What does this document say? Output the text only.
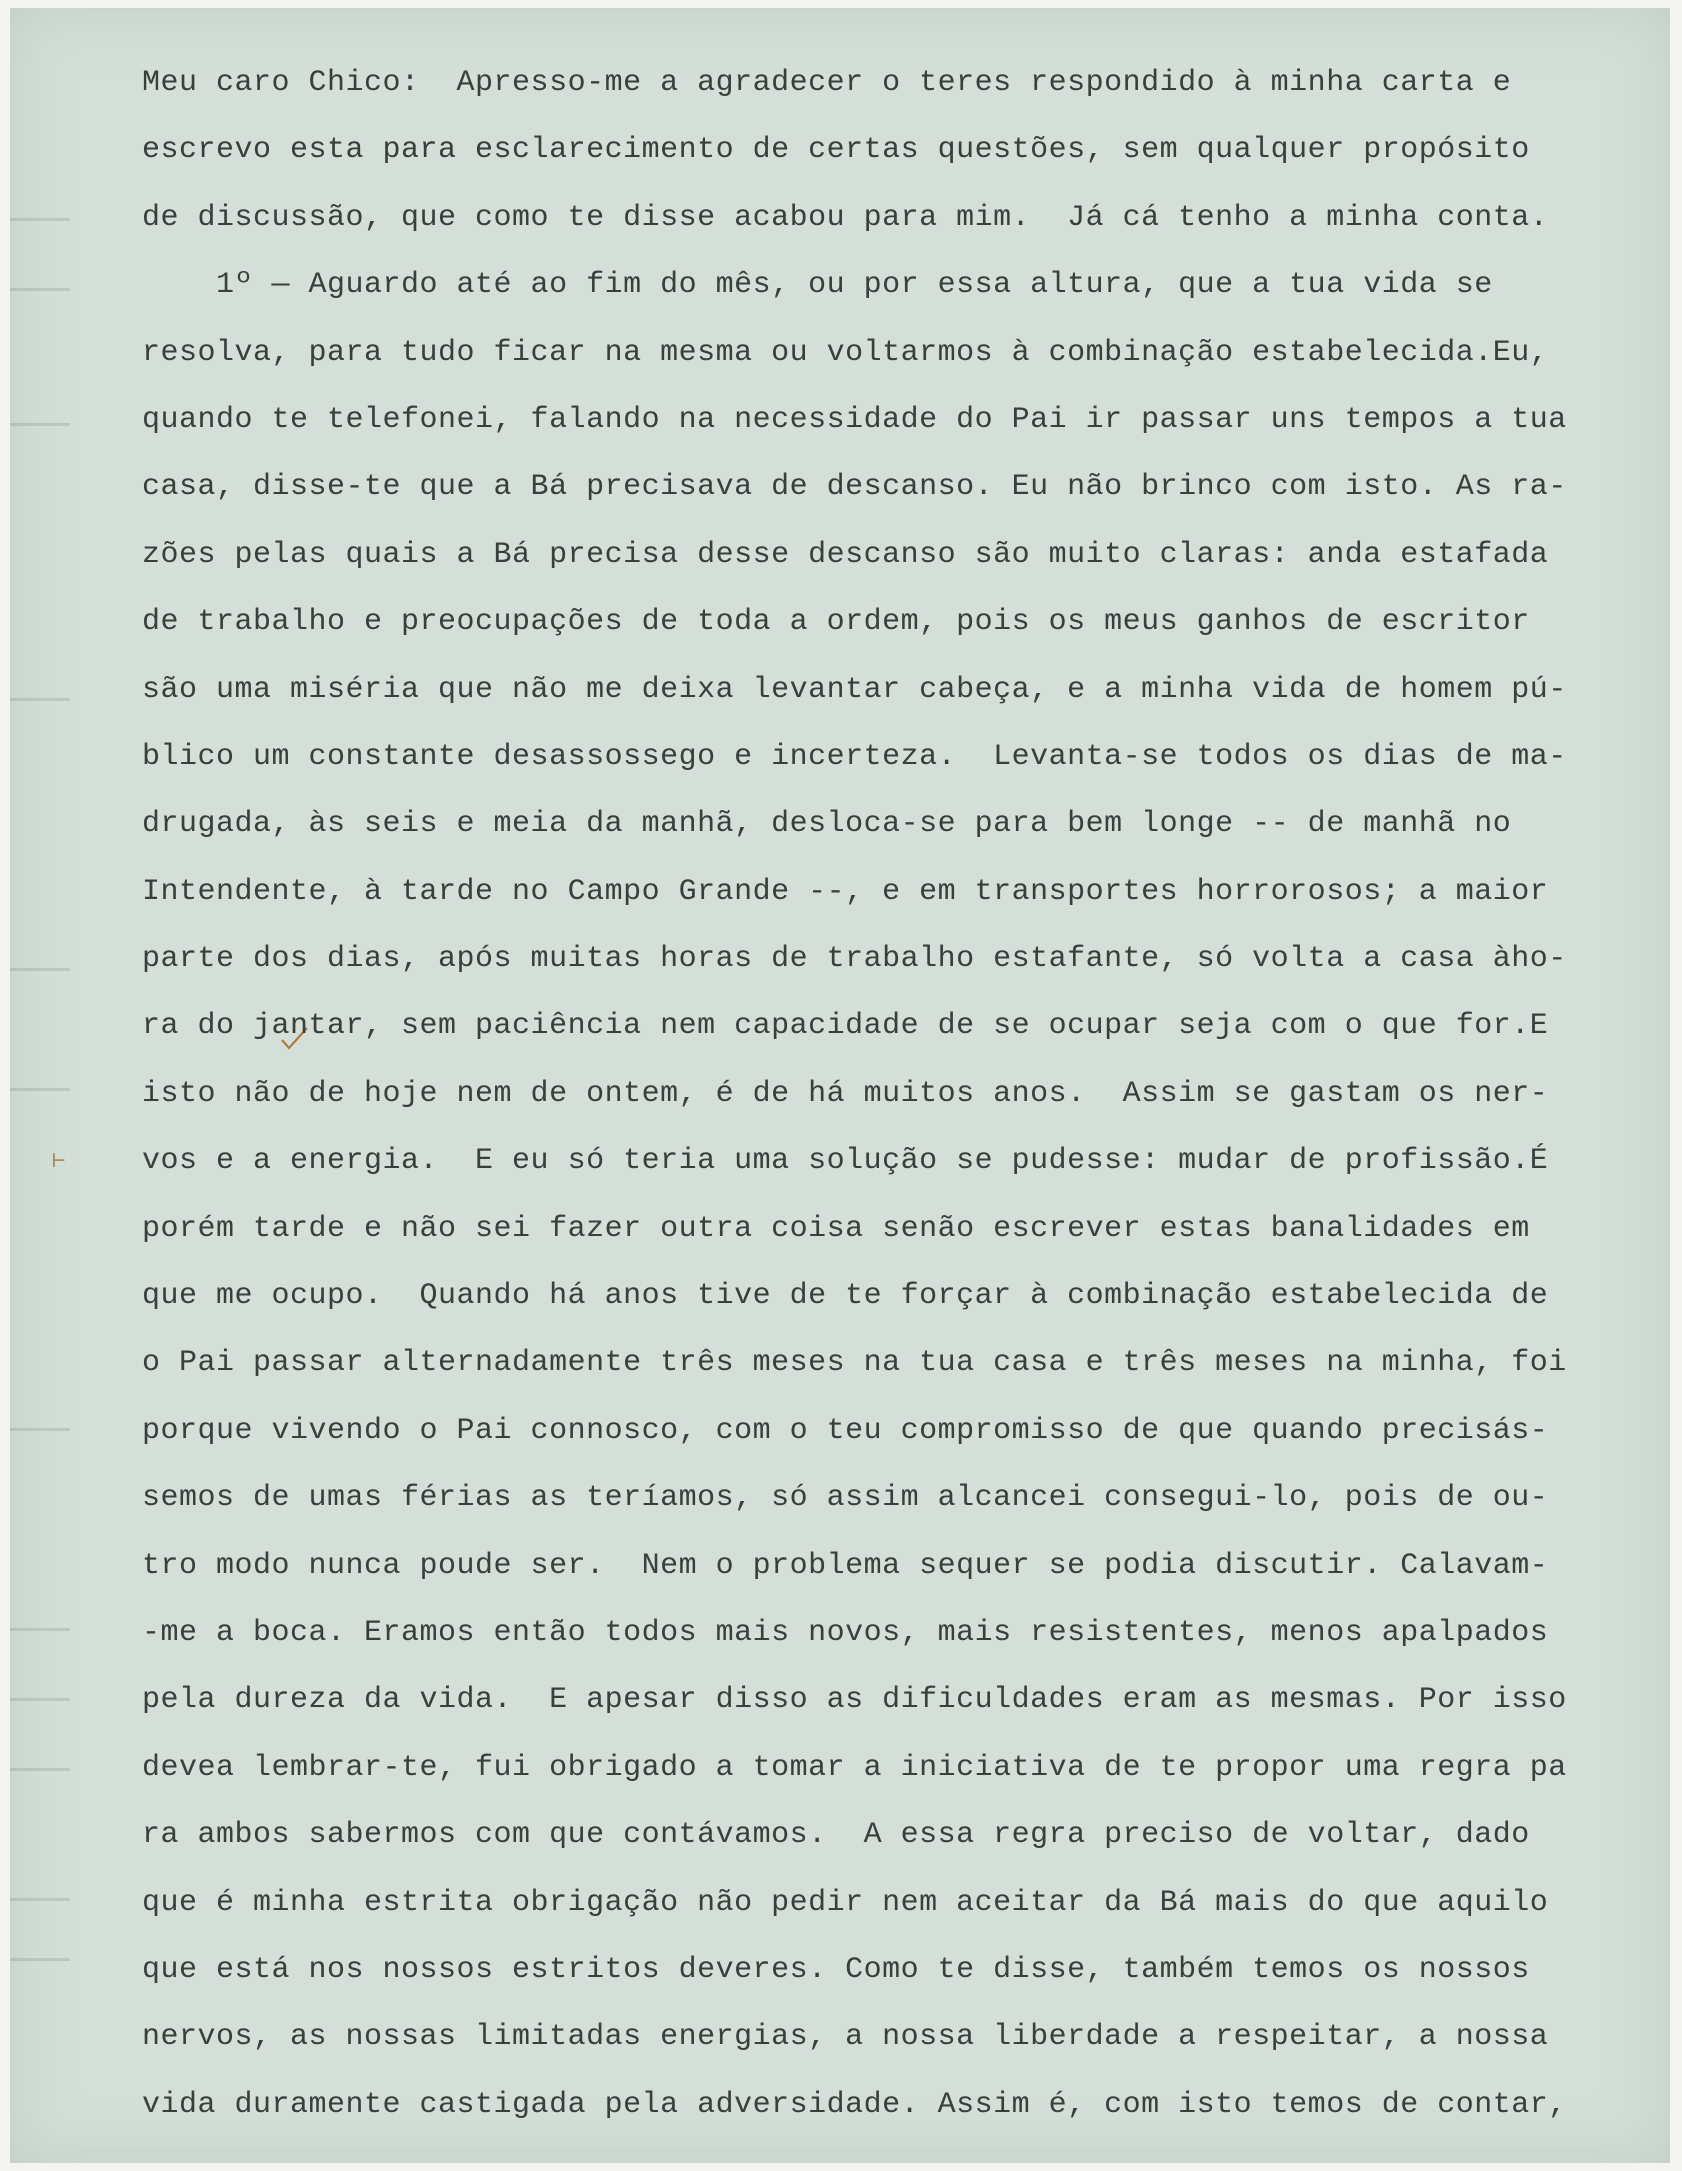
⊢
Meu caro Chico:  Apresso-me a agradecer o teres respondido à minha carta e
escrevo esta para esclarecimento de certas questões, sem qualquer propósito
de discussão, que como te disse acabou para mim.  Já cá tenho a minha conta.
1º — Aguardo até ao fim do mês, ou por essa altura, que a tua vida se
resolva, para tudo ficar na mesma ou voltarmos à combinação estabelecida.Eu,
quando te telefonei, falando na necessidade do Pai ir passar uns tempos a tua
casa, disse-te que a Bá precisava de descanso. Eu não brinco com isto. As ra-
zões pelas quais a Bá precisa desse descanso são muito claras: anda estafada
de trabalho e preocupações de toda a ordem, pois os meus ganhos de escritor
são uma miséria que não me deixa levantar cabeça, e a minha vida de homem pú-
blico um constante desassossego e incerteza.  Levanta-se todos os dias de ma-
drugada, às seis e meia da manhã, desloca-se para bem longe -- de manhã no
Intendente, à tarde no Campo Grande --, e em transportes horrorosos; a maior
parte dos dias, após muitas horas de trabalho estafante, só volta a casa àho-
ra do jantar, sem paciência nem capacidade de se ocupar seja com o que for.E
isto não de hoje nem de ontem, é de há muitos anos.  Assim se gastam os ner-
vos e a energia.  E eu só teria uma solução se pudesse: mudar de profissão.É
porém tarde e não sei fazer outra coisa senão escrever estas banalidades em
que me ocupo.  Quando há anos tive de te forçar à combinação estabelecida de
o Pai passar alternadamente três meses na tua casa e três meses na minha, foi
porque vivendo o Pai connosco, com o teu compromisso de que quando precisás-
semos de umas férias as teríamos, só assim alcancei consegui-lo, pois de ou-
tro modo nunca poude ser.  Nem o problema sequer se podia discutir. Calavam-
-me a boca. Eramos então todos mais novos, mais resistentes, menos apalpados
pela dureza da vida.  E apesar disso as dificuldades eram as mesmas. Por isso
devea lembrar-te, fui obrigado a tomar a iniciativa de te propor uma regra pa
ra ambos sabermos com que contávamos.  A essa regra preciso de voltar, dado
que é minha estrita obrigação não pedir nem aceitar da Bá mais do que aquilo
que está nos nossos estritos deveres. Como te disse, também temos os nossos
nervos, as nossas limitadas energias, a nossa liberdade a respeitar, a nossa
vida duramente castigada pela adversidade. Assim é, com isto temos de contar,
